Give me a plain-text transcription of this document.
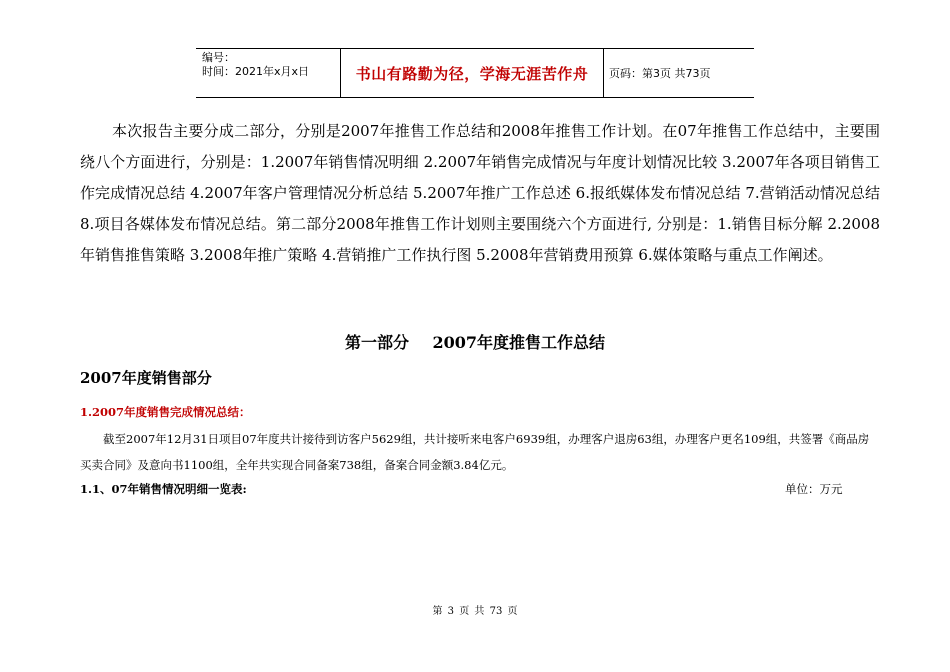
编号：
时间：2021年x月x日	书山有路勤为径，学海无涯苦作舟 页码：第3页 共73页

本次报告主要分成二部分，分别是2007年推售工作总结和2008年推售工作计划。在07年推售工作总结中，主要围绕八个方面进行，分别是：1.2007年销售情况明细 2.2007年销售完成情况与年度计划情况比较 3.2007年各项目销售工作完成情况总结 4.2007年客户管理情况分析总结 5.2007年推广工作总述 6.报纸媒体发布情况总结 7.营销活动情况总结 8.项目各媒体发布情况总结。第二部分2008年推售工作计划则主要围绕六个方面进行, 分别是：1.销售目标分解 2.2008年销售推售策略 3.2008年推广策略 4.营销推广工作执行图 5.2008年营销费用预算 6.媒体策略与重点工作阐述。

第一部分 2007年度推售工作总结
2007年度销售部分
1.2007年度销售完成情况总结：

截至2007年12月31日项目07年度共计接待到访客户5629组，共计接听来电客户6939组，办理客户退房63组，办理客户更名109组，共签署《商品房买卖合同》及意向书1100组，全年共实现合同备案738组，备案合同金额3.84亿元。

1.1、07年销售情况明细一览表:	单位：万元
第 3 页 共 73 页
